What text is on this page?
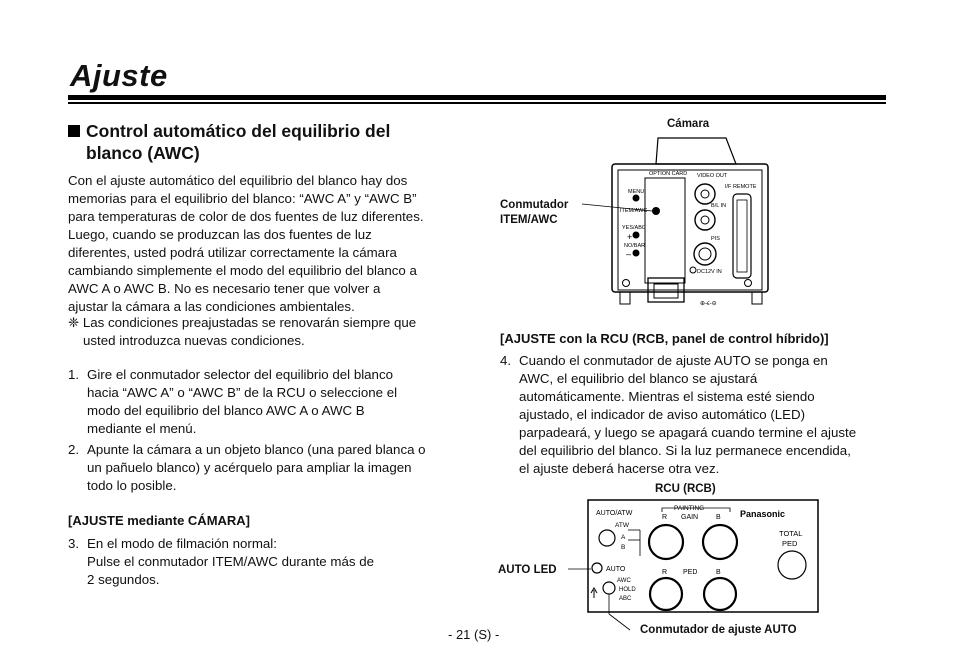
Ajuste
Control automático del equilibrio del
blanco (AWC)
Con el ajuste automático del equilibrio del blanco hay dos
memorias para el equilibrio del blanco: “AWC A” y “AWC B”
para temperaturas de color de dos fuentes de luz diferentes.
Luego, cuando se produzcan las dos fuentes de luz
diferentes, usted podrá utilizar correctamente la cámara
cambiando simplemente el modo del equilibrio del blanco a
AWC A o AWC B. No es necesario tener que volver a
ajustar la cámara a las condiciones ambientales.
❈ Las condiciones preajustadas se renovarán siempre que
usted introduzca nuevas condiciones.
1. Gire el conmutador selector del equilibrio del blanco
hacia “AWC A” o “AWC B” de la RCU o seleccione el
modo del equilibrio del blanco AWC A o AWC B
mediante el menú.
2. Apunte la cámara a un objeto blanco (una pared blanca o
un pañuelo blanco) y acérquelo para ampliar la imagen
todo lo posible.
[AJUSTE mediante CÁMARA]
3. En el modo de filmación normal:
Pulse el conmutador ITEM/AWC durante más de
2 segundos.
[AJUSTE con la RCU (RCB, panel de control híbrido)]
4. Cuando el conmutador de ajuste AUTO se ponga en
AWC, el equilibrio del blanco se ajustará
automáticamente. Mientras el sistema esté siendo
ajustado, el indicador de aviso automático (LED)
parpadeará, y luego se apagará cuando termine el ajuste
del equilibrio del blanco. Si la luz permanece encendida,
el ajuste deberá hacerse otra vez.
- 21 (S) -
Cámara
Conmutador
ITEM/AWC
RCU (RCB)
AUTO LED
Conmutador de ajuste AUTO
OPTION CARD VIDEO OUT
I/F REMOTE
MENU
ITEM/AWC
YES/ABC
NO/BAR
+
–
B/L IN
PIS
DC12V IN
⊕-ϵ-⊖
Panasonic
AUTO/ATW
ATW
A
B
PAINTING
GAIN
R	B
R PED	B
TOTAL
PED
AUTO
AWC
HOLD
ABC
